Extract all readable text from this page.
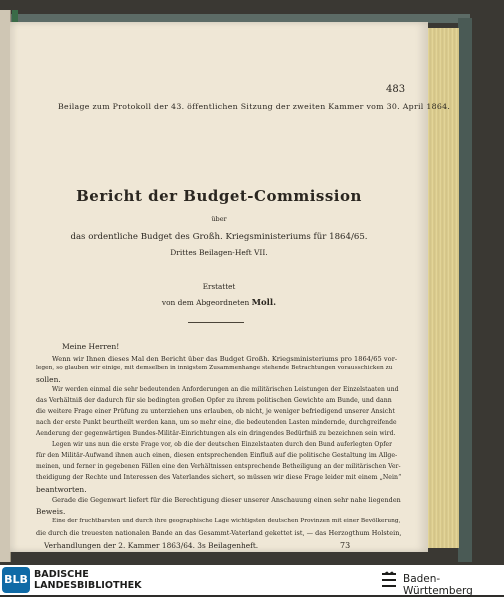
483
Beilage zum Protokoll der 43. öffentlichen Sitzung der zweiten Kammer vom 30. April 1864.
Bericht der Budget-Commission
über
das ordentliche Budget des Großh. Kriegsministeriums für 1864/65.
Drittes Beilagen-Heft VII.
Erstattet
von dem Abgeordneten Moll.
Meine Herren!
Wenn wir Ihnen dieses Mal den Bericht über das Budget Großh. Kriegsministeriums pro 1864/65 vor-
legen, so glauben wir einige, mit demselben in innigstem Zusammenhange stehende Betrachtungen vorausschicken zu
sollen.
Wir werden einmal die sehr bedeutenden Anforderungen an die militärischen Leistungen der Einzelstaaten und
das Verhältniß der dadurch für sie bedingten großen Opfer zu ihrem politischen Gewichte am Bunde, und dann
die weitere Frage einer Prüfung zu unterziehen uns erlauben, ob nicht, je weniger befriedigend unserer Ansicht
nach der erste Punkt beurtheilt werden kann, um so mehr eine, die bedeutenden Lasten mindernde, durchgreifende
Aenderung der gegenwärtigen Bundes-Militär-Einrichtungen als ein dringendes Bedürfniß zu bezeichnen sein wird.
Legen wir uns nun die erste Frage vor, ob die der deutschen Einzelstaaten durch den Bund auferlegten Opfer
für den Militär-Aufwand ihnen auch einen, diesen entsprechenden Einfluß auf die politische Gestaltung im Allge-
meinen, und ferner in gegebenen Fällen eine den Verhältnissen entsprechende Betheiligung an der militärischen Ver-
theidigung der Rechte und Interessen des Vaterlandes sichert, so müssen wir diese Frage leider mit einem „Nein“
beantworten.
Gerade die Gegenwart liefert für die Berechtigung dieser unserer Anschauung einen sehr nahe liegenden
Beweis.
Eine der fruchtbarsten und durch ihre geographische Lage wichtigsten deutschen Provinzen mit einer Bevölkerung,
die durch die treuesten nationalen Bande an das Gesammt-Vaterland gekettet ist, — das Herzogthum Holstein,
Verhandlungen der 2. Kammer 1863/64. 3s Beilagenheft.	73
BLB BADISCHE
LANDESBIBLIOTHEK
Baden-Württemberg
